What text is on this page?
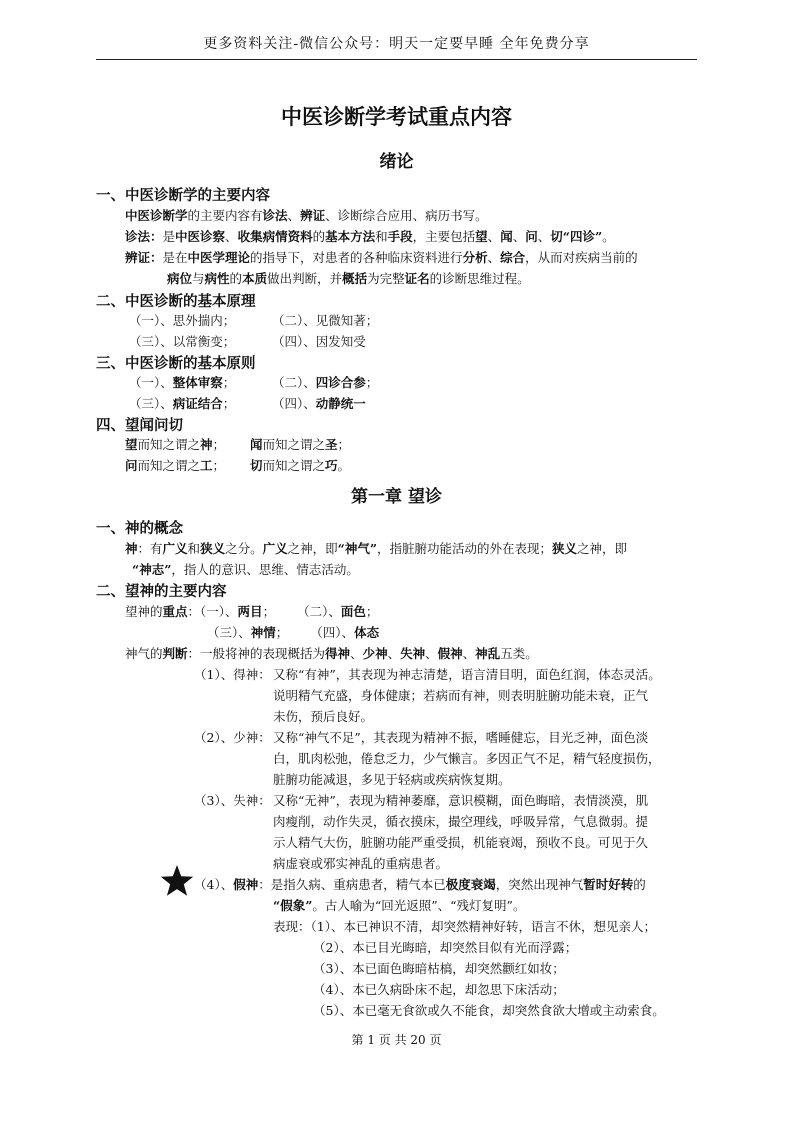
更多资料关注-微信公众号：明天一定要早睡 全年免费分享
中医诊断学考试重点内容
绪论
一、中医诊断学的主要内容
中医诊断学的主要内容有诊法、辨证、诊断综合应用、病历书写。
诊法：是中医诊察、收集病情资料的基本方法和手段，主要包括望、闻、问、切“四诊”。
辨证：是在中医学理论的指导下，对患者的各种临床资料进行分析、综合，从而对疾病当前的
病位与病性的本质做出判断，并概括为完整证名的诊断思维过程。
二、中医诊断的基本原理
（一）、思外揣内；	（二）、见微知著；
（三）、以常衡变；	（四）、因发知受
三、中医诊断的基本原则
（一）、整体审察；	（二）、四诊合参；
（三）、病证结合；	（四）、动静统一
四、望闻问切
望而知之谓之神； 闻而知之谓之圣；
问而知之谓之工； 切而知之谓之巧。
第一章 望诊
一、神的概念
神：有广义和狭义之分。广义之神，即“神气”，指脏腑功能活动的外在表现；狭义之神，即
“神志”，指人的意识、思维、情志活动。
二、望神的主要内容
望神的重点：（一）、两目； （二）、面色；
（三）、神情； （四）、体态
神气的判断：一般将神的表现概括为得神、少神、失神、假神、神乱五类。
（1）、得神： 又称“有神”，其表现为神志清楚，语言清目明，面色红润，体态灵活。
说明精气充盛，身体健康；若病而有神，则表明脏腑功能未衰，正气
未伤，预后良好。
（2）、少神： 又称“神气不足”，其表现为精神不振，嗜睡健忘，目光乏神，面色淡
白，肌肉松弛，倦怠乏力，少气懒言。多因正气不足，精气轻度损伤，
脏腑功能减退，多见于轻病或疾病恢复期。
（3）、失神： 又称“无神”，表现为精神萎靡，意识模糊，面色晦暗，表情淡漠，肌
肉瘦削，动作失灵，循衣摸床，撮空理线，呼吸异常，气息微弱。提
示人精气大伤，脏腑功能严重受损，机能衰竭，预收不良。可见于久
病虚衰或邪实神乱的重病患者。
（4）、假神：是指久病、重病患者，精气本已极度衰竭，突然出现神气暂时好转的
“假象”。古人喻为“回光返照”、“残灯复明”。
表现：（1）、本已神识不清，却突然精神好转，语言不休，想见亲人；
（2）、本已目光晦暗，却突然目似有光而浮露；
（3）、本已面色晦暗枯槁，却突然颧红如妆；
（4）、本已久病卧床不起，却忽思下床活动；
（5）、本已毫无食欲或久不能食，却突然食欲大增或主动索食。
第 1 页 共 20 页
